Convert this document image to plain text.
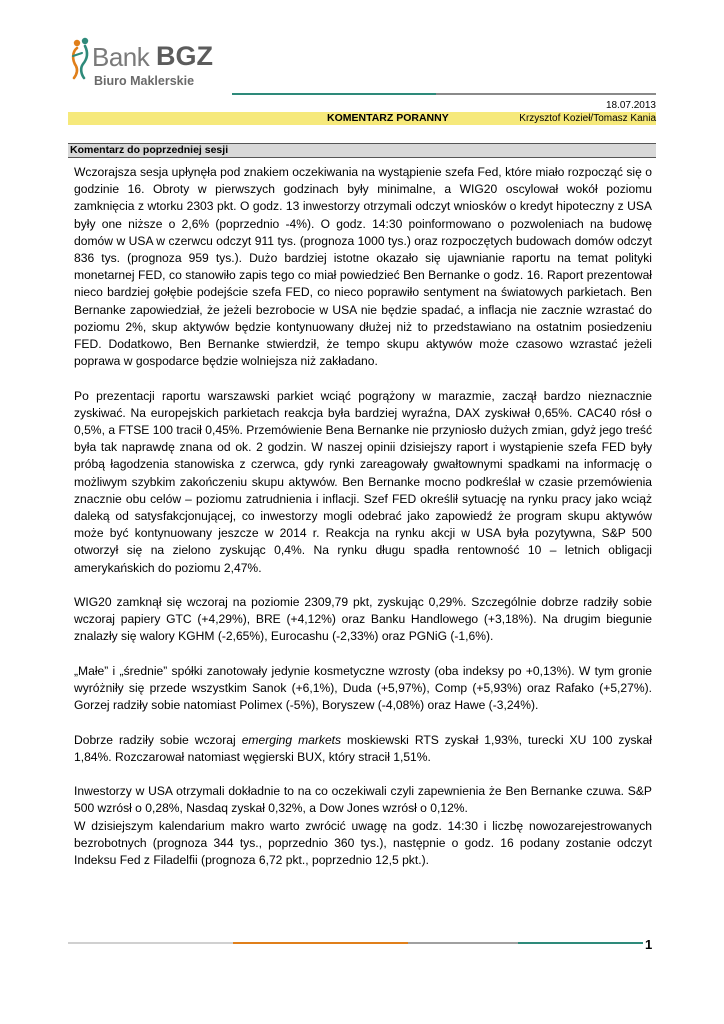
Bank BGZ
Biuro Maklerskie
18.07.2013
KOMENTARZ PORANNY	Krzysztof Kozieł/Tomasz Kania
Komentarz do poprzedniej sesji

Wczorajsza sesja upłynęła pod znakiem oczekiwania na wystąpienie szefa Fed, które miało rozpocząć się o godzinie 16. Obroty w pierwszych godzinach były minimalne, a WIG20 oscylował wokół poziomu zamknięcia z wtorku 2303 pkt. O godz. 13 inwestorzy otrzymali odczyt wniosków o kredyt hipoteczny z USA były one niższe o 2,6% (poprzednio -4%). O godz. 14:30 poinformowano o pozwoleniach na budowę domów w USA w czerwcu odczyt 911 tys. (prognoza 1000 tys.) oraz rozpoczętych budowach domów odczyt 836 tys. (prognoza 959 tys.). Dużo bardziej istotne okazało się ujawnianie raportu na temat polityki monetarnej FED, co stanowiło zapis tego co miał powiedzieć Ben Bernanke o godz. 16. Raport prezentował nieco bardziej gołębie podejście szefa FED, co nieco poprawiło sentyment na światowych parkietach. Ben Bernanke zapowiedział, że jeżeli bezrobocie w USA nie będzie spadać, a inflacja nie zacznie wzrastać do poziomu 2%, skup aktywów będzie kontynuowany dłużej niż to przedstawiano na ostatnim posiedzeniu FED. Dodatkowo, Ben Bernanke stwierdził, że tempo skupu aktywów może czasowo wzrastać jeżeli poprawa w gospodarce będzie wolniejsza niż zakładano.

Po prezentacji raportu warszawski parkiet wciąć pogrążony w marazmie, zaczął bardzo nieznacznie zyskiwać. Na europejskich parkietach reakcja była bardziej wyraźna, DAX zyskiwał 0,65%. CAC40 rósł o 0,5%, a FTSE 100 tracił 0,45%. Przemówienie Bena Bernanke nie przyniosło dużych zmian, gdyż jego treść była tak naprawdę znana od ok. 2 godzin. W naszej opinii dzisiejszy raport i wystąpienie szefa FED były próbą łagodzenia stanowiska z czerwca, gdy rynki zareagowały gwałtownymi spadkami na informację o możliwym szybkim zakończeniu skupu aktywów. Ben Bernanke mocno podkreślał w czasie przemówienia znacznie obu celów – poziomu zatrudnienia i inflacji. Szef FED określił sytuację na rynku pracy jako wciąż daleką od satysfakcjonującej, co inwestorzy mogli odebrać jako zapowiedź że program skupu aktywów może być kontynuowany jeszcze w 2014 r. Reakcja na rynku akcji w USA była pozytywna, S&P 500 otworzył się na zielono zyskując 0,4%. Na rynku długu spadła rentowność 10 – letnich obligacji amerykańskich do poziomu 2,47%.

WIG20 zamknął się wczoraj na poziomie 2309,79 pkt, zyskując 0,29%. Szczególnie dobrze radziły sobie wczoraj papiery GTC (+4,29%), BRE (+4,12%) oraz Banku Handlowego (+3,18%). Na drugim biegunie znalazły się walory KGHM (-2,65%), Eurocashu (-2,33%) oraz PGNiG (-1,6%).

„Małe” i „średnie” spółki zanotowały jedynie kosmetyczne wzrosty (oba indeksy po +0,13%). W tym gronie wyróżniły się przede wszystkim Sanok (+6,1%), Duda (+5,97%), Comp (+5,93%) oraz Rafako (+5,27%). Gorzej radziły sobie natomiast Polimex (-5%), Boryszew (-4,08%) oraz Hawe (-3,24%).

Dobrze radziły sobie wczoraj emerging markets moskiewski RTS zyskał 1,93%, turecki XU 100 zyskał 1,84%. Rozczarował natomiast węgierski BUX, który stracił 1,51%.

Inwestorzy w USA otrzymali dokładnie to na co oczekiwali czyli zapewnienia że Ben Bernanke czuwa. S&P 500 wzrósł o 0,28%, Nasdaq zyskał 0,32%, a Dow Jones wzrósł o 0,12%.

W dzisiejszym kalendarium makro warto zwrócić uwagę na godz. 14:30 i liczbę nowozarejestrowanych bezrobotnych (prognoza 344 tys., poprzednio 360 tys.), następnie o godz. 16 podany zostanie odczyt Indeksu Fed z Filadelfii (prognoza 6,72 pkt., poprzednio 12,5 pkt.).

1
